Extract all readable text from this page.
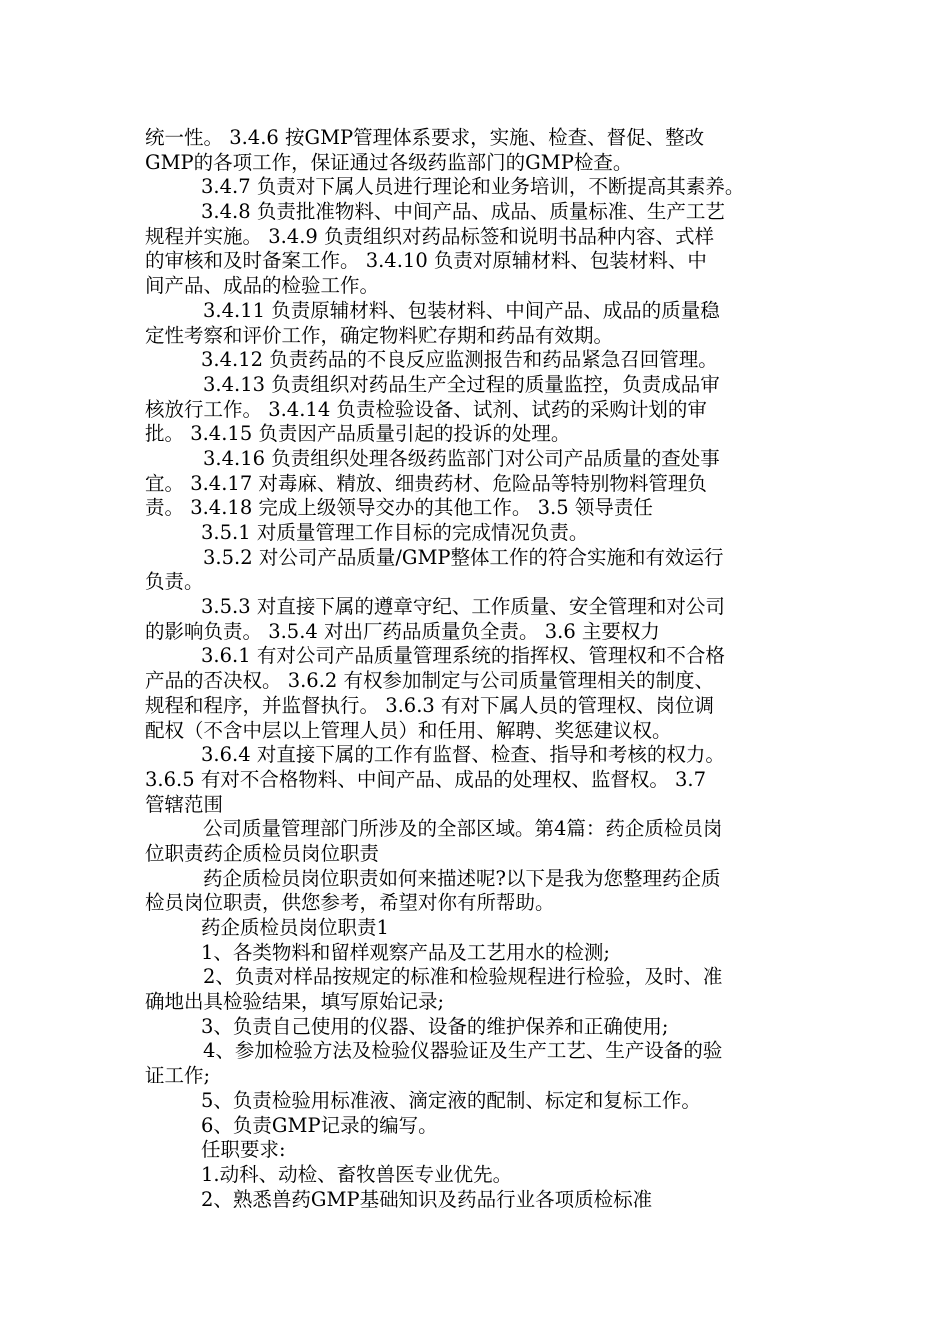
统一性。 3.4.6 按GMP管理体系要求，实施、检查、督促、整改
GMP的各项工作，保证通过各级药监部门的GMP检查。
3.4.7 负责对下属人员进行理论和业务培训，不断提高其素养。
3.4.8 负责批准物料、中间产品、成品、质量标准、生产工艺
规程并实施。 3.4.9 负责组织对药品标签和说明书品种内容、式样
的审核和及时备案工作。 3.4.10 负责对原辅材料、包装材料、中
间产品、成品的检验工作。
3.4.11 负责原辅材料、包装材料、中间产品、成品的质量稳
定性考察和评价工作，确定物料贮存期和药品有效期。
3.4.12 负责药品的不良反应监测报告和药品紧急召回管理。
3.4.13 负责组织对药品生产全过程的质量监控，负责成品审
核放行工作。 3.4.14 负责检验设备、试剂、试药的采购计划的审
批。 3.4.15 负责因产品质量引起的投诉的处理。
3.4.16 负责组织处理各级药监部门对公司产品质量的查处事
宜。 3.4.17 对毒麻、精放、细贵药材、危险品等特别物料管理负
责。 3.4.18 完成上级领导交办的其他工作。 3.5 领导责任
3.5.1 对质量管理工作目标的完成情况负责。
3.5.2 对公司产品质量/GMP整体工作的符合实施和有效运行
负责。
3.5.3 对直接下属的遵章守纪、工作质量、安全管理和对公司
的影响负责。 3.5.4 对出厂药品质量负全责。 3.6 主要权力
3.6.1 有对公司产品质量管理系统的指挥权、管理权和不合格
产品的否决权。 3.6.2 有权参加制定与公司质量管理相关的制度、
规程和程序，并监督执行。 3.6.3 有对下属人员的管理权、岗位调
配权（不含中层以上管理人员）和任用、解聘、奖惩建议权。
3.6.4 对直接下属的工作有监督、检查、指导和考核的权力。
3.6.5 有对不合格物料、中间产品、成品的处理权、监督权。 3.7
管辖范围
公司质量管理部门所涉及的全部区域。第4篇：药企质检员岗
位职责药企质检员岗位职责
药企质检员岗位职责如何来描述呢?以下是我为您整理药企质
检员岗位职责，供您参考，希望对你有所帮助。
药企质检员岗位职责1
1、各类物料和留样观察产品及工艺用水的检测;
2、负责对样品按规定的标准和检验规程进行检验，及时、准
确地出具检验结果，填写原始记录;
3、负责自己使用的仪器、设备的维护保养和正确使用;
4、参加检验方法及检验仪器验证及生产工艺、生产设备的验
证工作;
5、负责检验用标准液、滴定液的配制、标定和复标工作。
6、负责GMP记录的编写。
任职要求:
1.动科、动检、畜牧兽医专业优先。
2、熟悉兽药GMP基础知识及药品行业各项质检标准
